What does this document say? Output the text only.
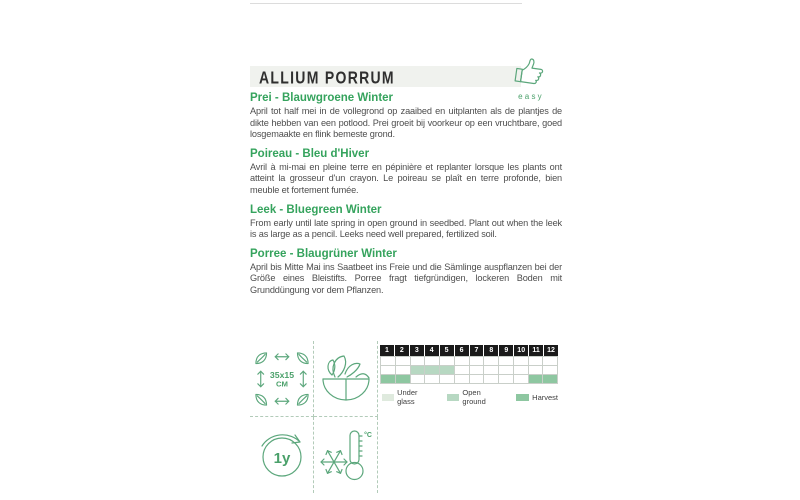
ALLIUM PORRUM
easy
Prei - Blauwgroene Winter

April tot half mei in de vollegrond op zaaibed en uitplanten als de plantjes de dikte hebben van een potlood. Prei groeit bij voorkeur op een vruchtbare, goed losgemaakte en flink bemeste grond.

Poireau - Bleu d'Hiver

Avril à mi-mai en pleine terre en pépinière et replanter lorsque les plants ont atteint la grosseur d'un crayon. Le poireau se plaît en terre profonde, bien meuble et fortement fumée.

Leek - Bluegreen Winter

From early until late spring in open ground in seedbed. Plant out when the leek is as large as a pencil. Leeks need well prepared, fertilized soil.

Porree - Blaugrüner Winter

April bis Mitte Mai ins Saatbeet ins Freie und die Sämlinge auspflanzen bei der Größe eines Bleistifts. Porree fragt tiefgründigen, lockeren Boden mit Grunddüngung vor dem Pflanzen.

35x15
CM
1y
°C
1	2	3	4	5	6	7	8	9	10	11	12
Under glass
Open ground	Harvest
